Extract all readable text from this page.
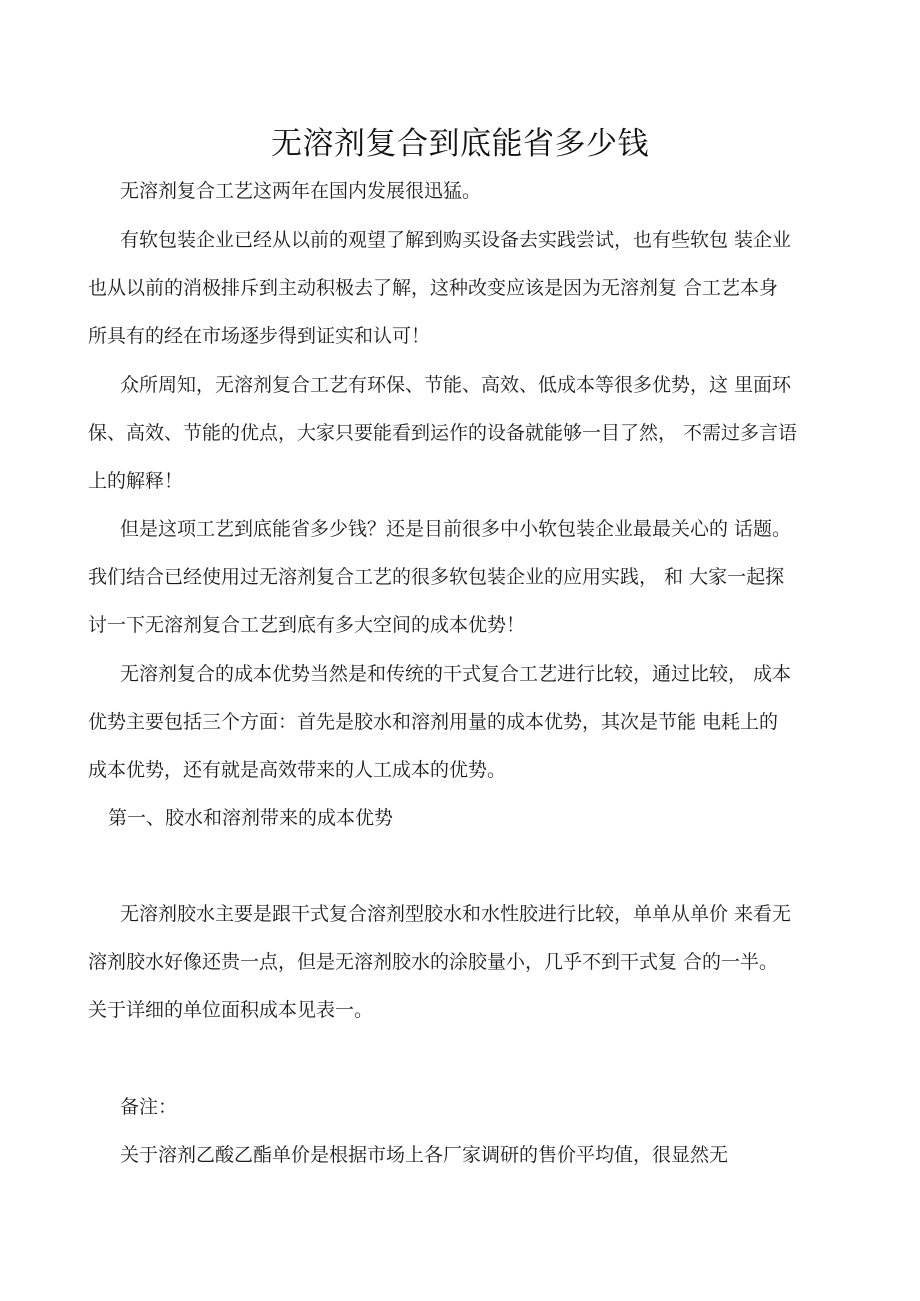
无溶剂复合到底能省多少钱
无溶剂复合工艺这两年在国内发展很迅猛。
有软包装企业已经从以前的观望了解到购买设备去实践尝试，也有些软包 装企业
也从以前的消极排斥到主动积极去了解，这种改变应该是因为无溶剂复 合工艺本身
所具有的经在市场逐步得到证实和认可！
众所周知，无溶剂复合工艺有环保、节能、高效、低成本等很多优势，这 里面环
保、高效、节能的优点，大家只要能看到运作的设备就能够一目了然， 不需过多言语
上的解释！
但是这项工艺到底能省多少钱？还是目前很多中小软包装企业最最关心的 话题。
我们结合已经使用过无溶剂复合工艺的很多软包装企业的应用实践， 和 大家一起探
讨一下无溶剂复合工艺到底有多大空间的成本优势！
无溶剂复合的成本优势当然是和传统的干式复合工艺进行比较，通过比较， 成本
优势主要包括三个方面：首先是胶水和溶剂用量的成本优势，其次是节能 电耗上的
成本优势，还有就是高效带来的人工成本的优势。
第一、胶水和溶剂带来的成本优势
无溶剂胶水主要是跟干式复合溶剂型胶水和水性胶进行比较，单单从单价 来看无
溶剂胶水好像还贵一点，但是无溶剂胶水的涂胶量小，几乎不到干式复 合的一半。
关于详细的单位面积成本见表一。
备注：
关于溶剂乙酸乙酯单价是根据市场上各厂家调研的售价平均值，很显然无
